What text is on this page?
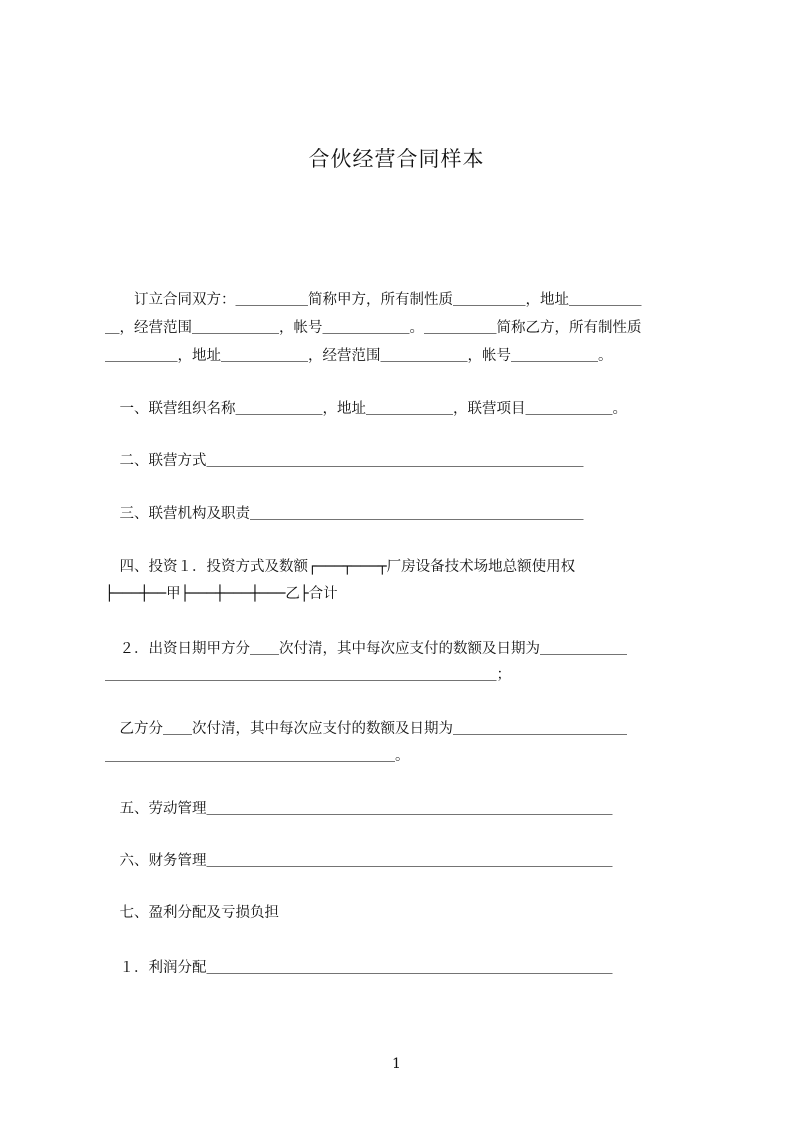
合伙经营合同样本
　　订立合同双方：＿＿＿＿＿简称甲方，所有制性质＿＿＿＿＿，地址＿＿＿＿＿
＿，经营范围＿＿＿＿＿＿，帐号＿＿＿＿＿＿。＿＿＿＿＿简称乙方，所有制性质
＿＿＿＿＿，地址＿＿＿＿＿＿，经营范围＿＿＿＿＿＿，帐号＿＿＿＿＿＿。
　一、联营组织名称＿＿＿＿＿＿，地址＿＿＿＿＿＿，联营项目＿＿＿＿＿＿。
　二、联营方式＿＿＿＿＿＿＿＿＿＿＿＿＿＿＿＿＿＿＿＿＿＿＿＿＿＿
　三、联营机构及职责＿＿＿＿＿＿＿＿＿＿＿＿＿＿＿＿＿＿＿＿＿＿＿
　四、投资１．投资方式及数额┌───┬───┬厂房设备技术场地总额使用权
├───┼──甲├───┼───┼───乙├合计
　２．出资日期甲方分＿＿次付清，其中每次应支付的数额及日期为＿＿＿＿＿＿
＿＿＿＿＿＿＿＿＿＿＿＿＿＿＿＿＿＿＿＿＿＿＿＿＿＿＿；
　乙方分＿＿次付清，其中每次应支付的数额及日期为＿＿＿＿＿＿＿＿＿＿＿＿
＿＿＿＿＿＿＿＿＿＿＿＿＿＿＿＿＿＿＿＿。
　五、劳动管理＿＿＿＿＿＿＿＿＿＿＿＿＿＿＿＿＿＿＿＿＿＿＿＿＿＿＿＿
　六、财务管理＿＿＿＿＿＿＿＿＿＿＿＿＿＿＿＿＿＿＿＿＿＿＿＿＿＿＿＿
　七、盈利分配及亏损负担
　１．利润分配＿＿＿＿＿＿＿＿＿＿＿＿＿＿＿＿＿＿＿＿＿＿＿＿＿＿＿＿
1
